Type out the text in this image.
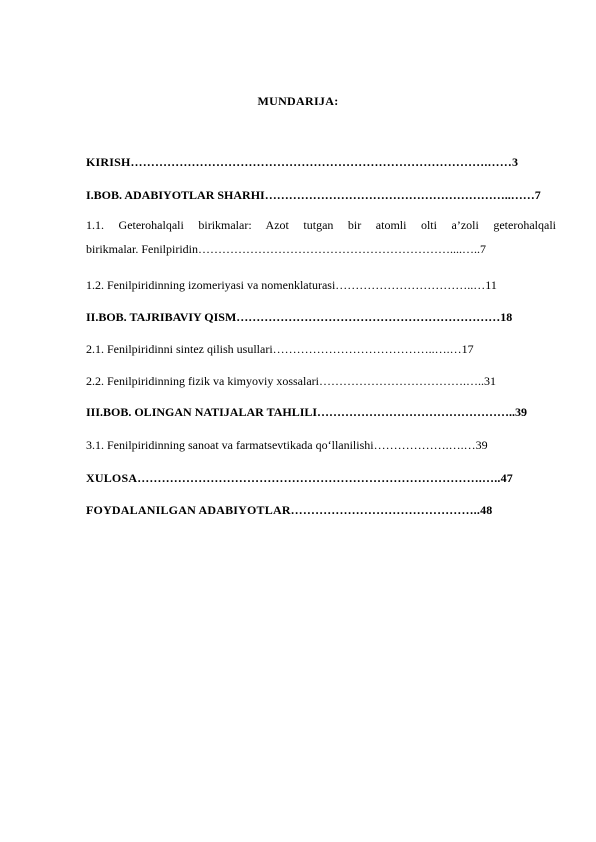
MUNDARIJA:
KIRISH…………………………………………………………………………….……3
I.BOB. ADABIYOTLAR SHARHI……………………………………………………..……7
1.1. Geterohalqali birikmalar: Azot tutgan bir atomli olti a’zoli geterohalqali
birikmalar. Fenilpiridin………………………………………………………....…..7
1.2. Fenilpiridinning izomeriyasi va nomenklaturasi……………………………..…11
II.BOB. TAJRIBAVIY QISM…………………………………………………………18
2.1. Fenilpiridinni sintez qilish usullari…………………………………..….…17
2.2. Fenilpiridinning fizik va kimyoviy xossalari……………………………….…..31
III.BOB. OLINGAN NATIJALAR TAHLILI…………………………………………..39
3.1. Fenilpiridinning sanoat va farmatsevtikada qo‘llanilishi……………….….…39
XULOSA………………………………………………………………………….…..47
FOYDALANILGAN ADABIYOTLAR………………………………………..48
